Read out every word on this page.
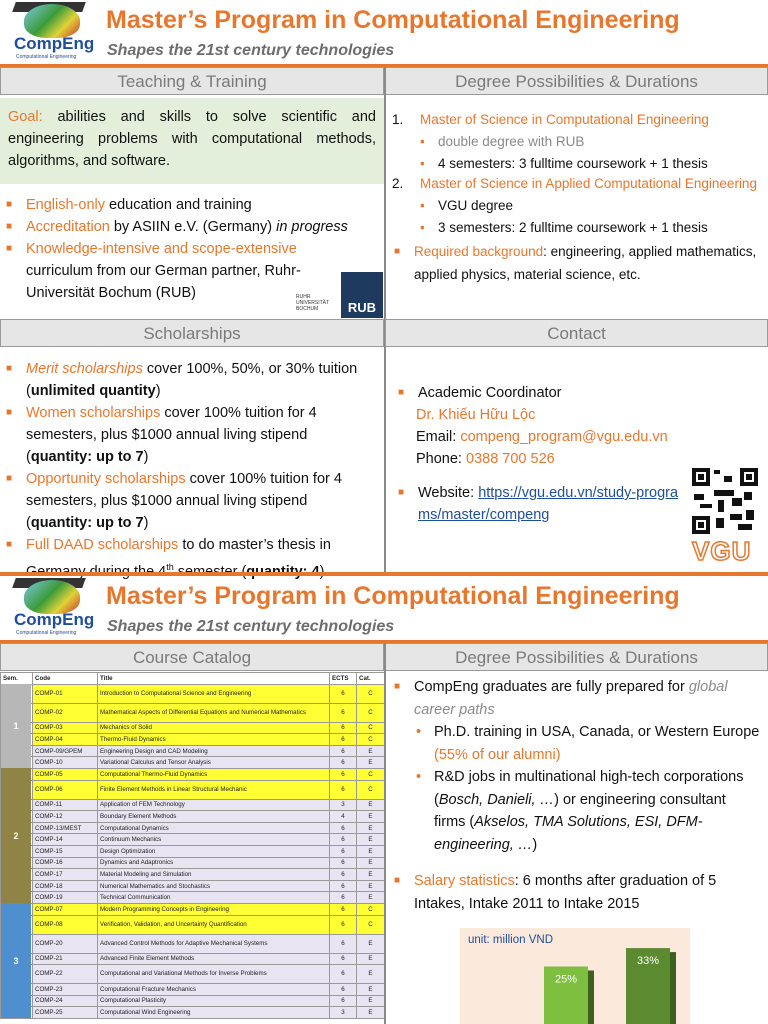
CompEng
Computational Engineering
Master’s Program in Computational Engineering
Shapes the 21st century technologies
Teaching & Training	Degree Possibilities & Durations
Goal: abilities and skills to solve scientific and engineering problems with computational methods, algorithms, and software.
■ English-only education and training
■ Accreditation by ASIIN e.V. (Germany) in progress
■ Knowledge-intensive and scope-extensive curriculum from our German partner, Ruhr-Universität Bochum (RUB)	RUHR
UNIVERSITÄT
BOCHUM	RUB
1. Master of Science in Computational Engineering
• double degree with RUB
• 4 semesters: 3 fulltime coursework + 1 thesis
2. Master of Science in Applied Computational Engineering
• VGU degree
• 3 semesters: 2 fulltime coursework + 1 thesis
■ Required background: engineering, applied mathematics, applied physics, material science, etc.
Scholarships	Contact
■ Merit scholarships cover 100%, 50%, or 30% tuition (unlimited quantity)
■ Women scholarships cover 100% tuition for 4 semesters, plus $1000 annual living stipend (quantity: up to 7)
■ Opportunity scholarships cover 100% tuition for 4 semesters, plus $1000 annual living stipend (quantity: up to 7)
■ Full DAAD scholarships to do master’s thesis in $^{th}$
■ Academic Coordinator
Dr. Khiếu Hữu Lộc
Email: compeng_program@vgu.edu.vn
Phone: 0388 700 526
■ Website: https://vgu.edu.vn/study-programs/master/compeng
VGU
CompEng
Computational Engineering
Master’s Program in Computational Engineering
Shapes the 21st century technologies
Course Catalog	Degree Possibilities & Durations
Sem.	Code	Title	ECTS	Cat.
	COMP-01	Introduction to Computational Science and Engineering	6	C
	COMP-02	Mathematical Aspects of Differential Equations and Numerical Mathematics	6	C
	COMP-03	Mechanics of Solid	6	C
	COMP-04	Thermo-Fluid Dynamics	6	C
	COMP-09/GPEM	Engineering Design and CAD Modeling	6	E
	COMP-10	Variational Calculus and Tensor Analysis	6	E
	COMP-05	Computational Thermo-Fluid Dynamics	6	C
	COMP-06	Finite Element Methods in Linear Structural Mechanic	6	C
	COMP-11	Application of FEM Technology	3	E
	COMP-12	Boundary Element Methods	4	E
	COMP-13/MEST	Computational Dynamics	6	E
	COMP-14	Continuum Mechanics	6	E
	COMP-15	Design Optimization	6	E
	COMP-16	Dynamics and Adaptronics	6	E
	COMP-17	Material Modeling and Simulation	6	E
	COMP-18	Numerical Mathematics and Stochastics	6	E
	COMP-19	Technical Communication	6	E
	COMP-07	Modern Programming Concepts in Engineering	6	C
	COMP-08	Verification, Validation, and Uncertainty Quantification	6	C
	COMP-20	Advanced Control Methods for Adaptive Mechanical Systems	6	E
	COMP-21	Advanced Finite Element Methods	6	E
	COMP-22	Computational and Variational Methods for Inverse Problems	6	E
	COMP-23	Computational Fracture Mechanics	6	E
	COMP-24	Computational Plasticity	6	E
	COMP-25	Computational Wind Engineering	3	E
1
2
3
■ CompEng graduates are fully prepared for global career paths
• Ph.D. training in USA, Canada, or Western Europe (55% of our alumni)
• R&D jobs in multinational high-tech corporations (Bosch, Danieli, …) or engineering consultant firms (Akselos, TMA Solutions, ESI, DFM-engineering, …)
■ Salary statistics: 6 months after graduation of 5 Intakes, Intake 2011 to Intake 2015
unit: million VND
25%
33%
